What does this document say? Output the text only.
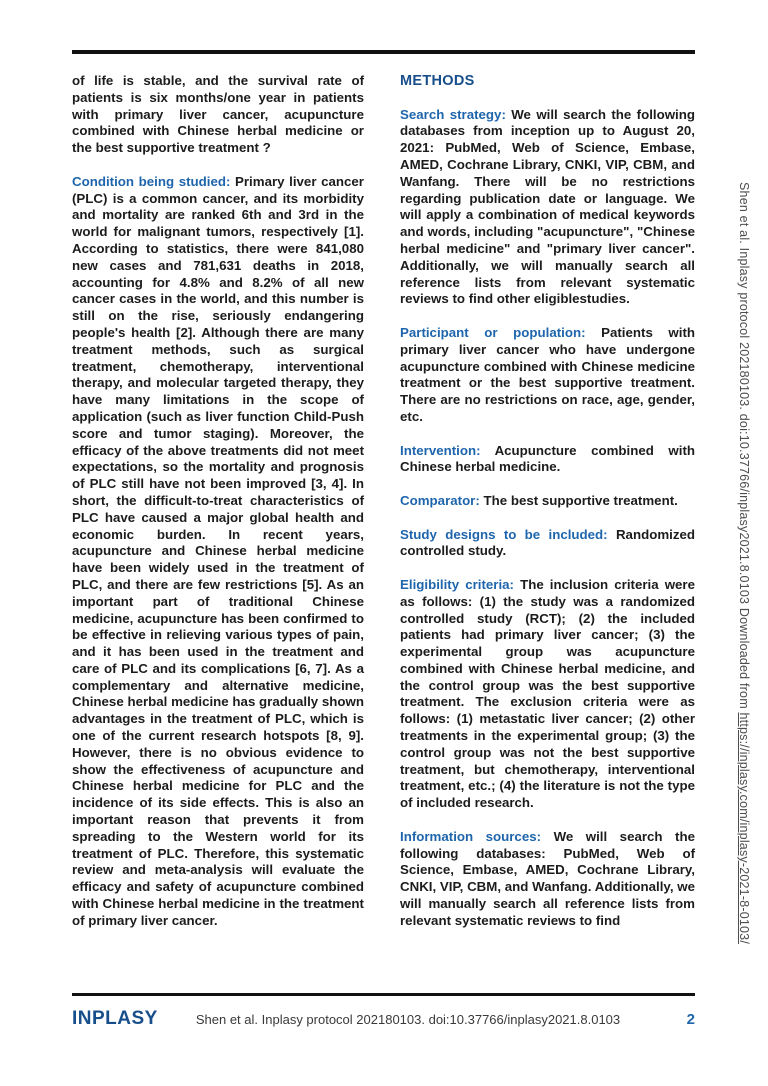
of life is stable, and the survival rate of patients is six months/one year in patients with primary liver cancer, acupuncture combined with Chinese herbal medicine or the best supportive treatment ?

Condition being studied: Primary liver cancer (PLC) is a common cancer, and its morbidity and mortality are ranked 6th and 3rd in the world for malignant tumors, respectively [1]. According to statistics, there were 841,080 new cases and 781,631 deaths in 2018, accounting for 4.8% and 8.2% of all new cancer cases in the world, and this number is still on the rise, seriously endangering people's health [2]. Although there are many treatment methods, such as surgical treatment, chemotherapy, interventional therapy, and molecular targeted therapy, they have many limitations in the scope of application (such as liver function Child-Push score and tumor staging). Moreover, the efficacy of the above treatments did not meet expectations, so the mortality and prognosis of PLC still have not been improved [3, 4]. In short, the difficult-to-treat characteristics of PLC have caused a major global health and economic burden. In recent years, acupuncture and Chinese herbal medicine have been widely used in the treatment of PLC, and there are few restrictions [5]. As an important part of traditional Chinese medicine, acupuncture has been confirmed to be effective in relieving various types of pain, and it has been used in the treatment and care of PLC and its complications [6, 7]. As a complementary and alternative medicine, Chinese herbal medicine has gradually shown advantages in the treatment of PLC, which is one of the current research hotspots [8, 9]. However, there is no obvious evidence to show the effectiveness of acupuncture and Chinese herbal medicine for PLC and the incidence of its side effects. This is also an important reason that prevents it from spreading to the Western world for its treatment of PLC. Therefore, this systematic review and meta-analysis will evaluate the efficacy and safety of acupuncture combined with Chinese herbal medicine in the treatment of primary liver cancer.

METHODS

Search strategy: We will search the following databases from inception up to August 20, 2021: PubMed, Web of Science, Embase, AMED, Cochrane Library, CNKI, VIP, CBM, and Wanfang. There will be no restrictions regarding publication date or language. We will apply a combination of medical keywords and words, including "acupuncture", "Chinese herbal medicine" and "primary liver cancer". Additionally, we will manually search all reference lists from relevant systematic reviews to find other eligiblestudies.

Participant or population: Patients with primary liver cancer who have undergone acupuncture combined with Chinese medicine treatment or the best supportive treatment. There are no restrictions on race, age, gender, etc.

Intervention: Acupuncture combined with Chinese herbal medicine.

Comparator: The best supportive treatment.

Study designs to be included: Randomized controlled study.

Eligibility criteria: The inclusion criteria were as follows: (1) the study was a randomized controlled study (RCT); (2) the included patients had primary liver cancer; (3) the experimental group was acupuncture combined with Chinese herbal medicine, and the control group was the best supportive treatment. The exclusion criteria were as follows: (1) metastatic liver cancer; (2) other treatments in the experimental group; (3) the control group was not the best supportive treatment, but chemotherapy, interventional treatment, etc.; (4) the literature is not the type of included research.

Information sources: We will search the following databases: PubMed, Web of Science, Embase, AMED, Cochrane Library, CNKI, VIP, CBM, and Wanfang. Additionally, we will manually search all reference lists from relevant systematic reviews to find

INPLASY	Shen et al. Inplasy protocol 202180103. doi:10.37766/inplasy2021.8.0103	2
Shen et al. Inplasy protocol 202180103. doi:10.37766/inplasy2021.8.0103 Downloaded from https://inplasy.com/inplasy-2021-8-0103/
